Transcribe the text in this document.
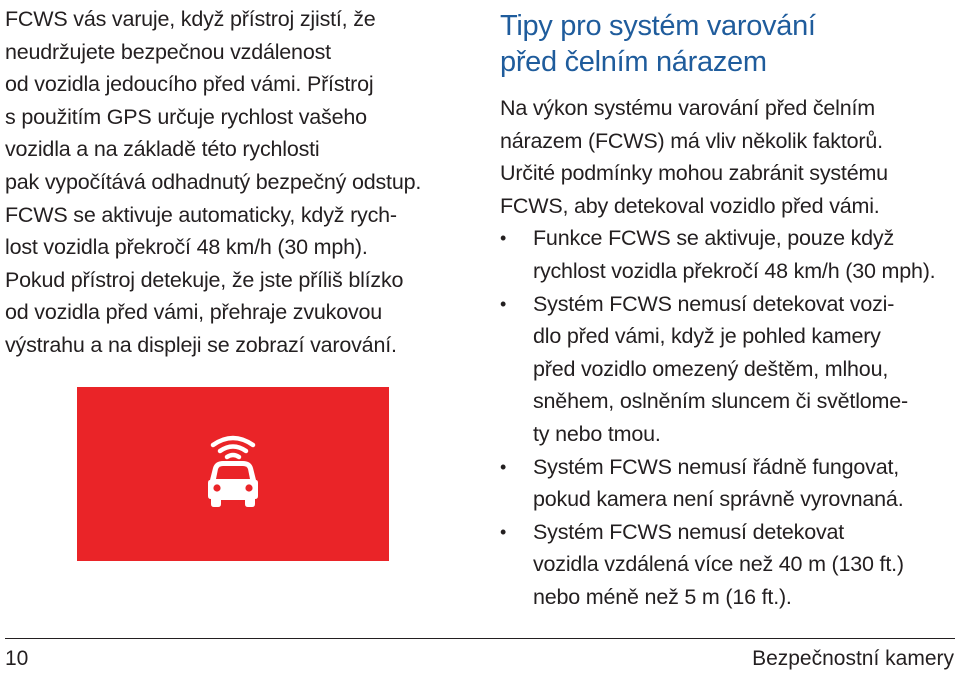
FCWS vás varuje, když přístroj zjistí, že
neudržujete bezpečnou vzdálenost
od vozidla jedoucího před vámi. Přístroj
s použitím GPS určuje rychlost vašeho
vozidla a na základě této rychlosti
pak vypočítává odhadnutý bezpečný odstup.
FCWS se aktivuje automaticky, když rych-
lost vozidla překročí 48 km/h (30 mph).
Pokud přístroj detekuje, že jste příliš blízko
od vozidla před vámi, přehraje zvukovou
výstrahu a na displeji se zobrazí varování.
Tipy pro systém varování
před čelním nárazem

Na výkon systému varování před čelním
nárazem (FCWS) má vliv několik faktorů.
Určité podmínky mohou zabránit systému
FCWS, aby detekoval vozidlo před vámi.

• Funkce FCWS se aktivuje, pouze když
rychlost vozidla překročí 48 km/h (30 mph).
• Systém FCWS nemusí detekovat vozi-
dlo před vámi, když je pohled kamery
před vozidlo omezený deštěm, mlhou,
sněhem, oslněním sluncem či světlome-
ty nebo tmou.
• Systém FCWS nemusí řádně fungovat,
pokud kamera není správně vyrovnaná.
• Systém FCWS nemusí detekovat
vozidla vzdálená více než 40 m (130 ft.)
nebo méně než 5 m (16 ft.).
10	Bezpečnostní kamery
